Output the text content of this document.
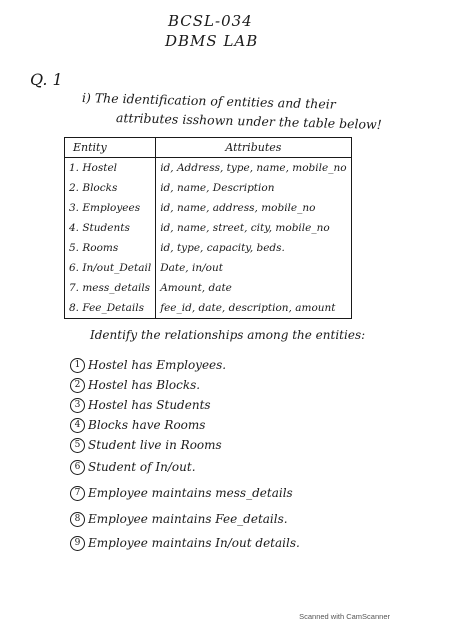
BCSL-034
DBMS LAB
Q. 1
i) The identification of entities and their
attributes isshown under the table below!
Entity	Attributes
1. Hostel	id, Address, type, name, mobile_no
2. Blocks	id, name, Description
3. Employees	id, name, address, mobile_no
4. Students	id, name, street, city, mobile_no
5. Rooms	id, type, capacity, beds.
6. In/out_Detail	Date, in/out
7. mess_details	Amount, date
8. Fee_Details	fee_id, date, description, amount
Identify the relationships among the entities:
1 Hostel has Employees.
2 Hostel has Blocks.
3 Hostel has Students
4 Blocks have Rooms
5 Student live in Rooms
6 Student of In/out.
7 Employee maintains mess_details
8 Employee maintains Fee_details.
9 Employee maintains In/out details.
Scanned with CamScanner
